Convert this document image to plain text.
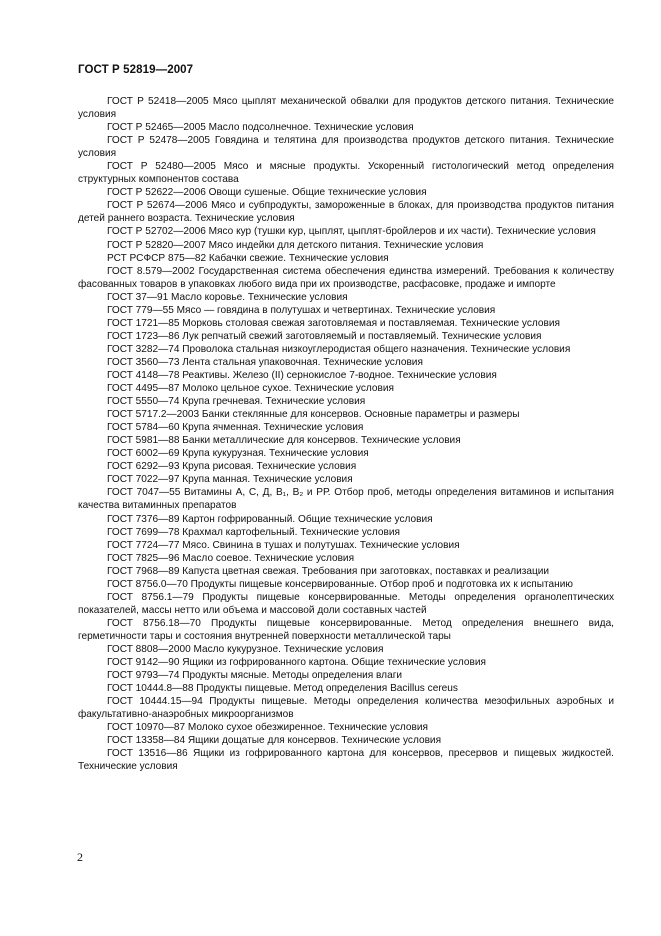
ГОСТ Р 52819—2007

ГОСТ Р 52418—2005 Мясо цыплят механической обвалки для продуктов детского питания. Технические условия

ГОСТ Р 52465—2005 Масло подсолнечное. Технические условия

ГОСТ Р 52478—2005 Говядина и телятина для производства продуктов детского питания. Технические условия

ГОСТ Р 52480—2005 Мясо и мясные продукты. Ускоренный гистологический метод определения структурных компонентов состава

ГОСТ Р 52622—2006 Овощи сушеные. Общие технические условия

ГОСТ Р 52674—2006 Мясо и субпродукты, замороженные в блоках, для производства продуктов питания детей раннего возраста. Технические условия

ГОСТ Р 52702—2006 Мясо кур (тушки кур, цыплят, цыплят-бройлеров и их части). Технические условия

ГОСТ Р 52820—2007 Мясо индейки для детского питания. Технические условия

РСТ РСФСР 875—82 Кабачки свежие. Технические условия

ГОСТ 8.579—2002 Государственная система обеспечения единства измерений. Требования к количеству фасованных товаров в упаковках любого вида при их производстве, расфасовке, продаже и импорте

ГОСТ 37—91 Масло коровье. Технические условия

ГОСТ 779—55 Мясо — говядина в полутушах и четвертинах. Технические условия

ГОСТ 1721—85 Морковь столовая свежая заготовляемая и поставляемая. Технические условия

ГОСТ 1723—86 Лук репчатый свежий заготовляемый и поставляемый. Технические условия

ГОСТ 3282—74 Проволока стальная низкоуглеродистая общего назначения. Технические условия

ГОСТ 3560—73 Лента стальная упаковочная. Технические условия

ГОСТ 4148—78 Реактивы. Железо (II) сернокислое 7-водное. Технические условия

ГОСТ 4495—87 Молоко цельное сухое. Технические условия

ГОСТ 5550—74 Крупа гречневая. Технические условия

ГОСТ 5717.2—2003 Банки стеклянные для консервов. Основные параметры и размеры

ГОСТ 5784—60 Крупа ячменная. Технические условия

ГОСТ 5981—88 Банки металлические для консервов. Технические условия

ГОСТ 6002—69 Крупа кукурузная. Технические условия

ГОСТ 6292—93 Крупа рисовая. Технические условия

ГОСТ 7022—97 Крупа манная. Технические условия

ГОСТ 7047—55 Витамины А, С, Д, В₁, В₂ и РР. Отбор проб, методы определения витаминов и испытания качества витаминных препаратов

ГОСТ 7376—89 Картон гофрированный. Общие технические условия

ГОСТ 7699—78 Крахмал картофельный. Технические условия

ГОСТ 7724—77 Мясо. Свинина в тушах и полутушах. Технические условия

ГОСТ 7825—96 Масло соевое. Технические условия

ГОСТ 7968—89 Капуста цветная свежая. Требования при заготовках, поставках и реализации

ГОСТ 8756.0—70 Продукты пищевые консервированные. Отбор проб и подготовка их к испытанию

ГОСТ 8756.1—79 Продукты пищевые консервированные. Методы определения органолептических показателей, массы нетто или объема и массовой доли составных частей

ГОСТ 8756.18—70 Продукты пищевые консервированные. Метод определения внешнего вида, герметичности тары и состояния внутренней поверхности металлической тары

ГОСТ 8808—2000 Масло кукурузное. Технические условия

ГОСТ 9142—90 Ящики из гофрированного картона. Общие технические условия

ГОСТ 9793—74 Продукты мясные. Методы определения влаги

ГОСТ 10444.8—88 Продукты пищевые. Метод определения Bacillus cereus

ГОСТ 10444.15—94 Продукты пищевые. Методы определения количества мезофильных аэробных и факультативно-анаэробных микроорганизмов

ГОСТ 10970—87 Молоко сухое обезжиренное. Технические условия

ГОСТ 13358—84 Ящики дощатые для консервов. Технические условия

ГОСТ 13516—86 Ящики из гофрированного картона для консервов, пресервов и пищевых жидкостей. Технические условия

2
